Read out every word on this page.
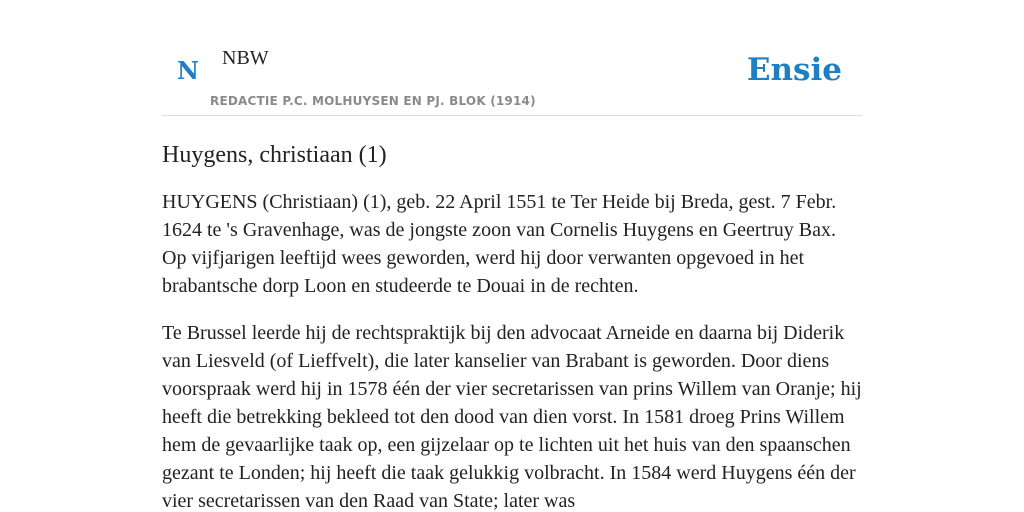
N NBW
REDACTIE P.C. MOLHUYSEN EN PJ. BLOK (1914)
Ensie
Huygens, christiaan (1)

HUYGENS (Christiaan) (1), geb. 22 April 1551 te Ter Heide bij Breda, gest. 7 Febr. 1624 te 's Gravenhage, was de jongste zoon van Cornelis Huygens en Geertruy Bax. Op vijfjarigen leeftijd wees geworden, werd hij door verwanten opgevoed in het brabantsche dorp Loon en studeerde te Douai in de rechten.

Te Brussel leerde hij de rechtspraktijk bij den advocaat Arneide en daarna bij Diderik van Liesveld (of Lieffvelt), die later kanselier van Brabant is geworden. Door diens voorspraak werd hij in 1578 één der vier secretarissen van prins Willem van Oranje; hij heeft die betrekking bekleed tot den dood van dien vorst. In 1581 droeg Prins Willem hem de gevaarlijke taak op, een gijzelaar op te lichten uit het huis van den spaanschen gezant te Londen; hij heeft die taak gelukkig volbracht. In 1584 werd Huygens één der vier secretarissen van den Raad van State; later was
